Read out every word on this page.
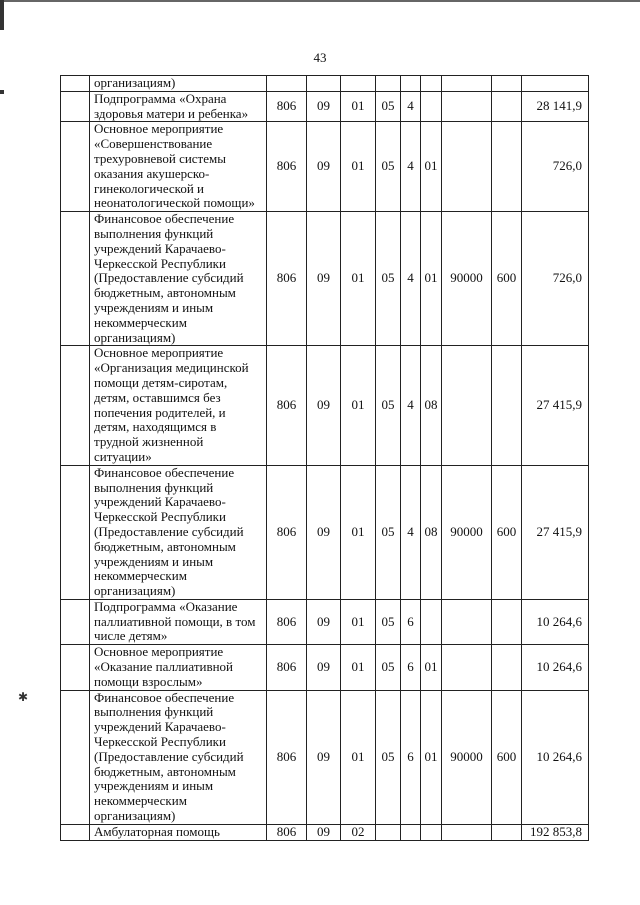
✱
43
	организациям)									
	Подпрограмма «Охрана здоровья матери и ребенка»	806	09	01	05	4				28 141,9
	Основное мероприятие «Совершенствование трехуровневой системы оказания акушерско-гинекологической и неонатологической помощи»	806	09	01	05	4	01			726,0
	Финансовое обеспечение выполнения функций учреждений Карачаево-Черкесской Республики (Предоставление субсидий бюджетным, автономным учреждениям и иным некоммерческим организациям)	806	09	01	05	4	01	90000	600	726,0
	Основное мероприятие «Организация медицинской помощи детям-сиротам, детям, оставшимся без попечения родителей, и детям, находящимся в трудной жизненной ситуации»	806	09	01	05	4	08			27 415,9
	Финансовое обеспечение выполнения функций учреждений Карачаево-Черкесской Республики (Предоставление субсидий бюджетным, автономным учреждениям и иным некоммерческим организациям)	806	09	01	05	4	08	90000	600	27 415,9
	Подпрограмма «Оказание паллиативной помощи, в том числе детям»	806	09	01	05	6				10 264,6
	Основное мероприятие «Оказание паллиативной помощи взрослым»	806	09	01	05	6	01			10 264,6
	Финансовое обеспечение выполнения функций учреждений Карачаево-Черкесской Республики (Предоставление субсидий бюджетным, автономным учреждениям и иным некоммерческим организациям)	806	09	01	05	6	01	90000	600	10 264,6
	Амбулаторная помощь	806	09	02						192 853,8
